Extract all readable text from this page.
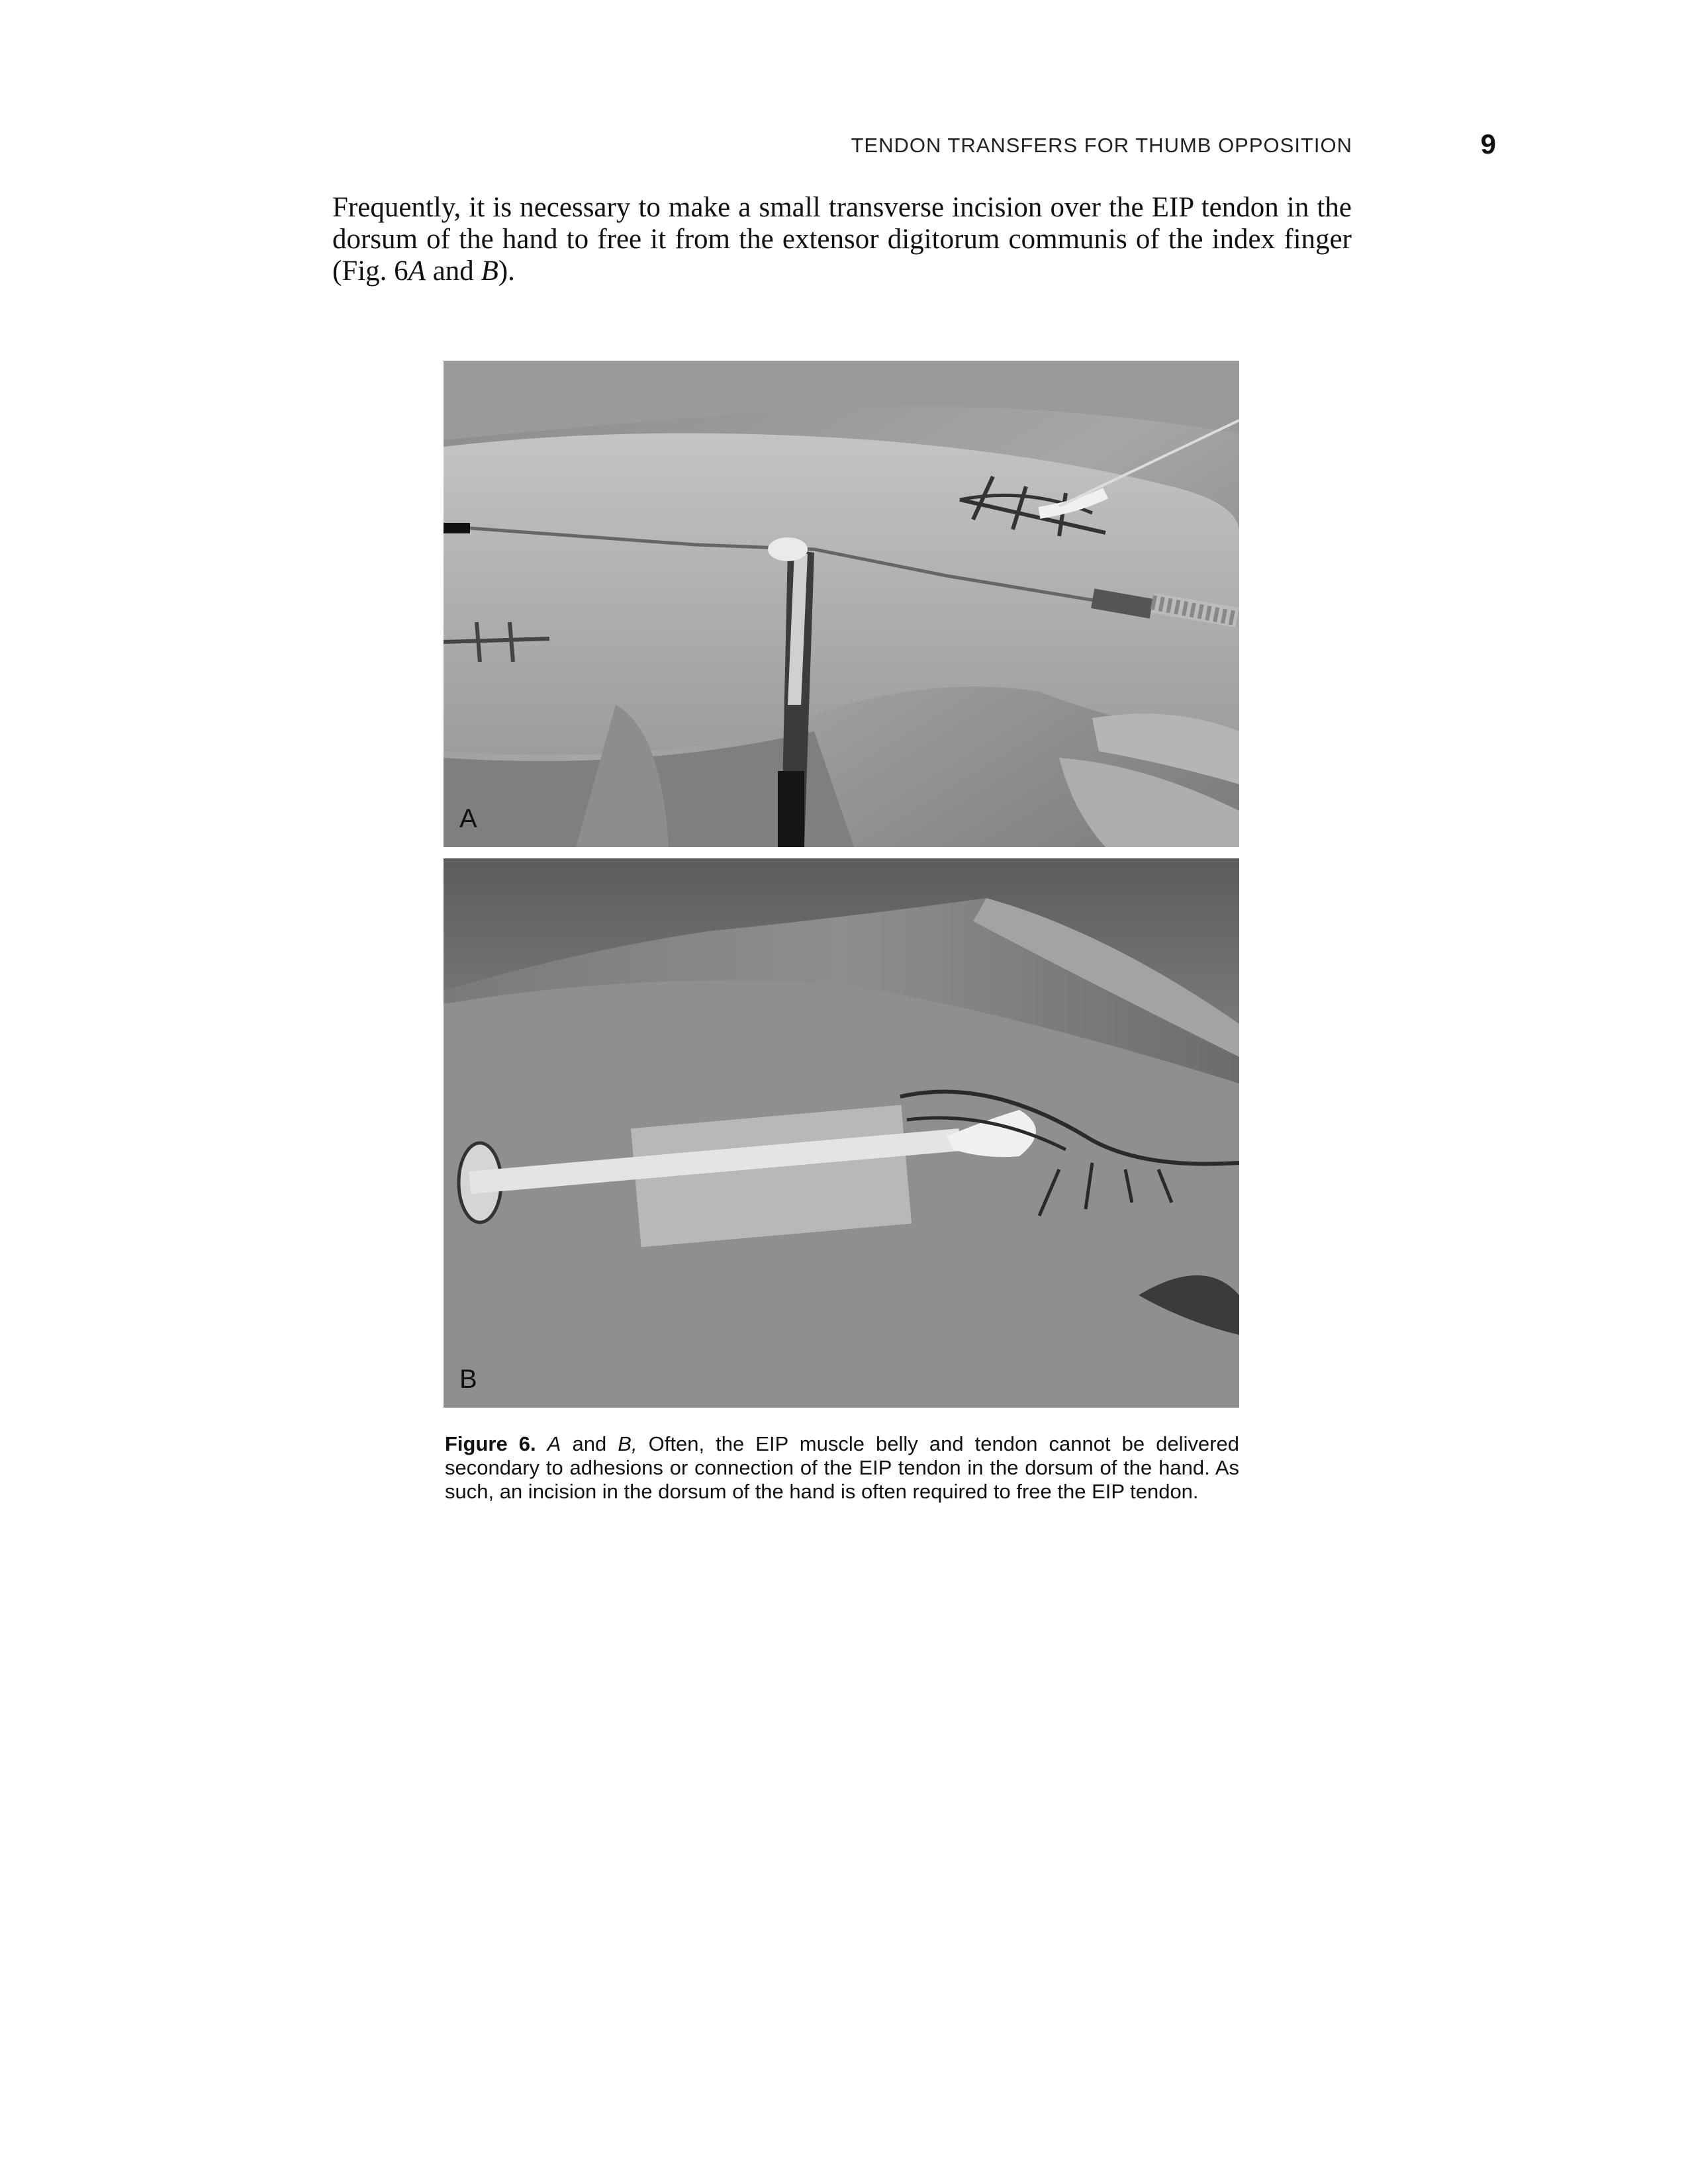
TENDON TRANSFERS FOR THUMB OPPOSITION	9

Frequently, it is necessary to make a small transverse incision over the EIP tendon in the dorsum of the hand to free it from the extensor digitorum communis of the index finger (Fig. 6A and B).

A
B

Figure 6. A and B, Often, the EIP muscle belly and tendon cannot be delivered secondary to adhesions or connection of the EIP tendon in the dorsum of the hand. As such, an incision in the dorsum of the hand is often required to free the EIP tendon.
